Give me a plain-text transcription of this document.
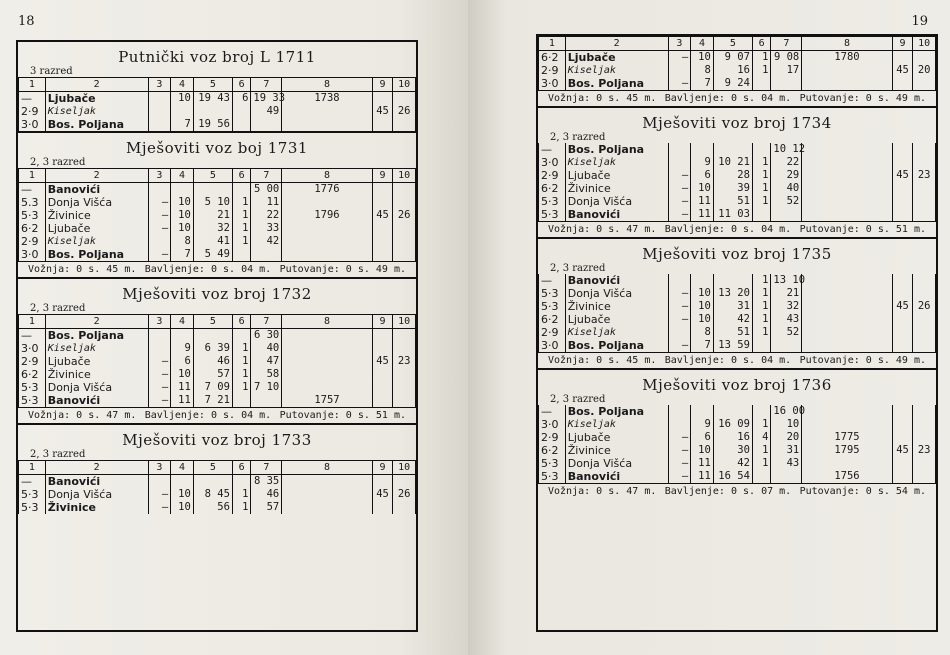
18
Putnički voz broj L 1711
3 razred
1	2	3	4	5	6	7	8	9	10
—	Ljubače		10	19 43	6	19 33	1738		
2·9	Kiseljak					49		45	26
3·0	Bos. Poljana		7	19 56					
Mješoviti voz boj 1731
2, 3 razred
1	2	3	4	5	6	7	8	9	10
—	Banovići					5 00	1776		
5.3	Donja Višća	—	10	5 10	1	11			
5·3	Živinice	—	10	21	1	22	1796	45	26
6·2	Ljubače	—	10	32	1	33			
2·9	Kiseljak		8	41	1	42			
3·0	Bos. Poljana	—	7	5 49					
Vožnja: 0 s. 45 m. Bavljenje: 0 s. 04 m. Putovanje: 0 s. 49 m.
Mješoviti voz broj 1732
2, 3 razred
1	2	3	4	5	6	7	8	9	10
—	Bos. Poljana					6 30			
3·0	Kiseljak		9	6 39	1	40			
2·9	Ljubače	—	6	46	1	47		45	23
6·2	Živinice	—	10	57	1	58			
5·3	Donja Višća	—	11	7 09	1	7 10			
5·3	Banovići	—	11	7 21			1757		
Vožnja: 0 s. 47 m. Bavljenje: 0 s. 04 m. Putovanje: 0 s. 51 m.
Mješoviti voz broj 1733
2, 3 razred
1	2	3	4	5	6	7	8	9	10
—	Banovići					8 35			
5·3	Donja Višća	—	10	8 45	1	46		45	26
5·3	Živinice	—	10	56	1	57			
19
1	2	3	4	5	6	7	8	9	10
6·2	Ljubače	—	10	9 07	1	9 08	1780		
2·9	Kiseljak		8	16	1	17		45	20
3·0	Bos. Poljana	—	7	9 24					
Vožnja: 0 s. 45 m. Bavljenje: 0 s. 04 m. Putovanje: 0 s. 49 m.
Mješoviti voz broj 1734
2, 3 razred
—	Bos. Poljana					10 12			
3·0	Kiseljak		9	10 21	1	22			
2·9	Ljubače	—	6	28	1	29		45	23
6·2	Živinice	—	10	39	1	40			
5·3	Donja Višća	—	11	51	1	52			
5·3	Banovići	—	11	11 03					
Vožnja: 0 s. 47 m. Bavljenje: 0 s. 04 m. Putovanje: 0 s. 51 m.
Mješoviti voz broj 1735
2, 3 razred
—	Banovići				1	13 10			
5·3	Donja Višća	—	10	13 20	1	21			
5·3	Živinice	—	10	31	1	32		45	26
6·2	Ljubače	—	10	42	1	43			
2·9	Kiseljak		8	51	1	52			
3·0	Bos. Poljana	—	7	13 59					
Vožnja: 0 s. 45 m. Bavljenje: 0 s. 04 m. Putovanje: 0 s. 49 m.
Mješoviti voz broj 1736
2, 3 razred
—	Bos. Poljana					16 00			
3·0	Kiseljak		9	16 09	1	10			
2·9	Ljubače	—	6	16	4	20	1775		
6·2	Živinice	—	10	30	1	31	1795	45	23
5·3	Donja Višća	—	11	42	1	43			
5·3	Banovići	—	11	16 54			1756		
Vožnja: 0 s. 47 m. Bavljenje: 0 s. 07 m. Putovanje: 0 s. 54 m.
